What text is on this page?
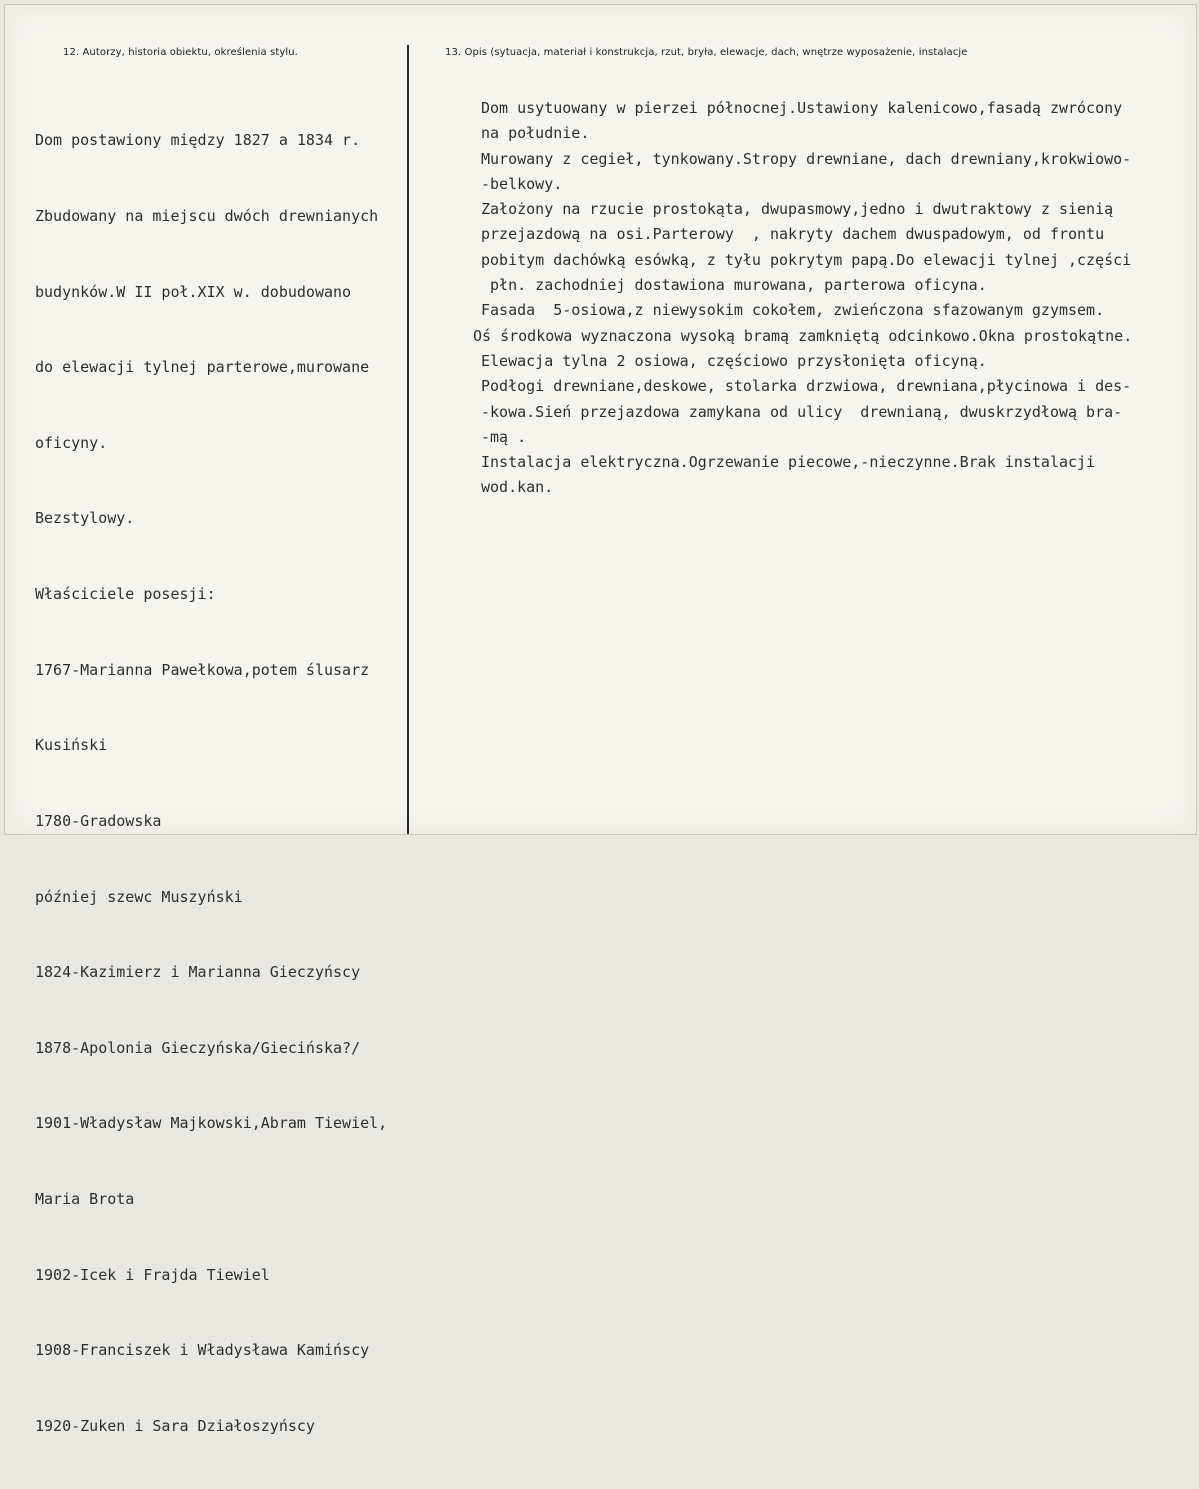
12. Autorzy, historia obiektu, określenia stylu.	13. Opis (sytuacja, materiał i konstrukcja, rzut, bryła, elewacje, dach, wnętrze wyposażenie, instalacje

Dom postawiony między 1827 a 1834 r.

Zbudowany na miejscu dwóch drewnianych

budynków.W II poł.XIX w. dobudowano

do elewacji tylnej parterowe,murowane

oficyny.

Bezstylowy.

Właściciele posesji:

1767-Marianna Pawełkowa,potem ślusarz

Kusiński

1780-Gradowska

później szewc Muszyński

1824-Kazimierz i Marianna Gieczyńscy

1878-Apolonia Gieczyńska/Giecińska?/

1901-Władysław Majkowski,Abram Tiewiel,

Maria Brota

1902-Icek i Frajda Tiewiel

1908-Franciszek i Władysława Kamińscy

1920-Zuken i Sara Działoszyńscy

Dom usytuowany w pierzei północnej.Ustawiony kalenicowo,fasadą zwrócony
na południe.
Murowany z cegieł, tynkowany.Stropy drewniane, dach drewniany,krokwiowo-
-belkowy.
Założony na rzucie prostokąta, dwupasmowy,jedno i dwutraktowy z sienią
przejazdową na osi.Parterowy  , nakryty dachem dwuspadowym, od frontu
pobitym dachówką esówką, z tyłu pokrytym papą.Do elewacji tylnej ,części
płn. zachodniej dostawiona murowana, parterowa oficyna.
Fasada  5-osiowa,z niewysokim cokołem, zwieńczona sfazowanym gzymsem.
Oś środkowa wyznaczona wysoką bramą zamkniętą odcinkowo.Okna prostokątne.
Elewacja tylna 2 osiowa, częściowo przysłonięta oficyną.
Podłogi drewniane,deskowe, stolarka drzwiowa, drewniana,płycinowa i des-
-kowa.Sień przejazdowa zamykana od ulicy  drewnianą, dwuskrzydłową bra-
-mą .
Instalacja elektryczna.Ogrzewanie piecowe,-nieczynne.Brak instalacji
wod.kan.
